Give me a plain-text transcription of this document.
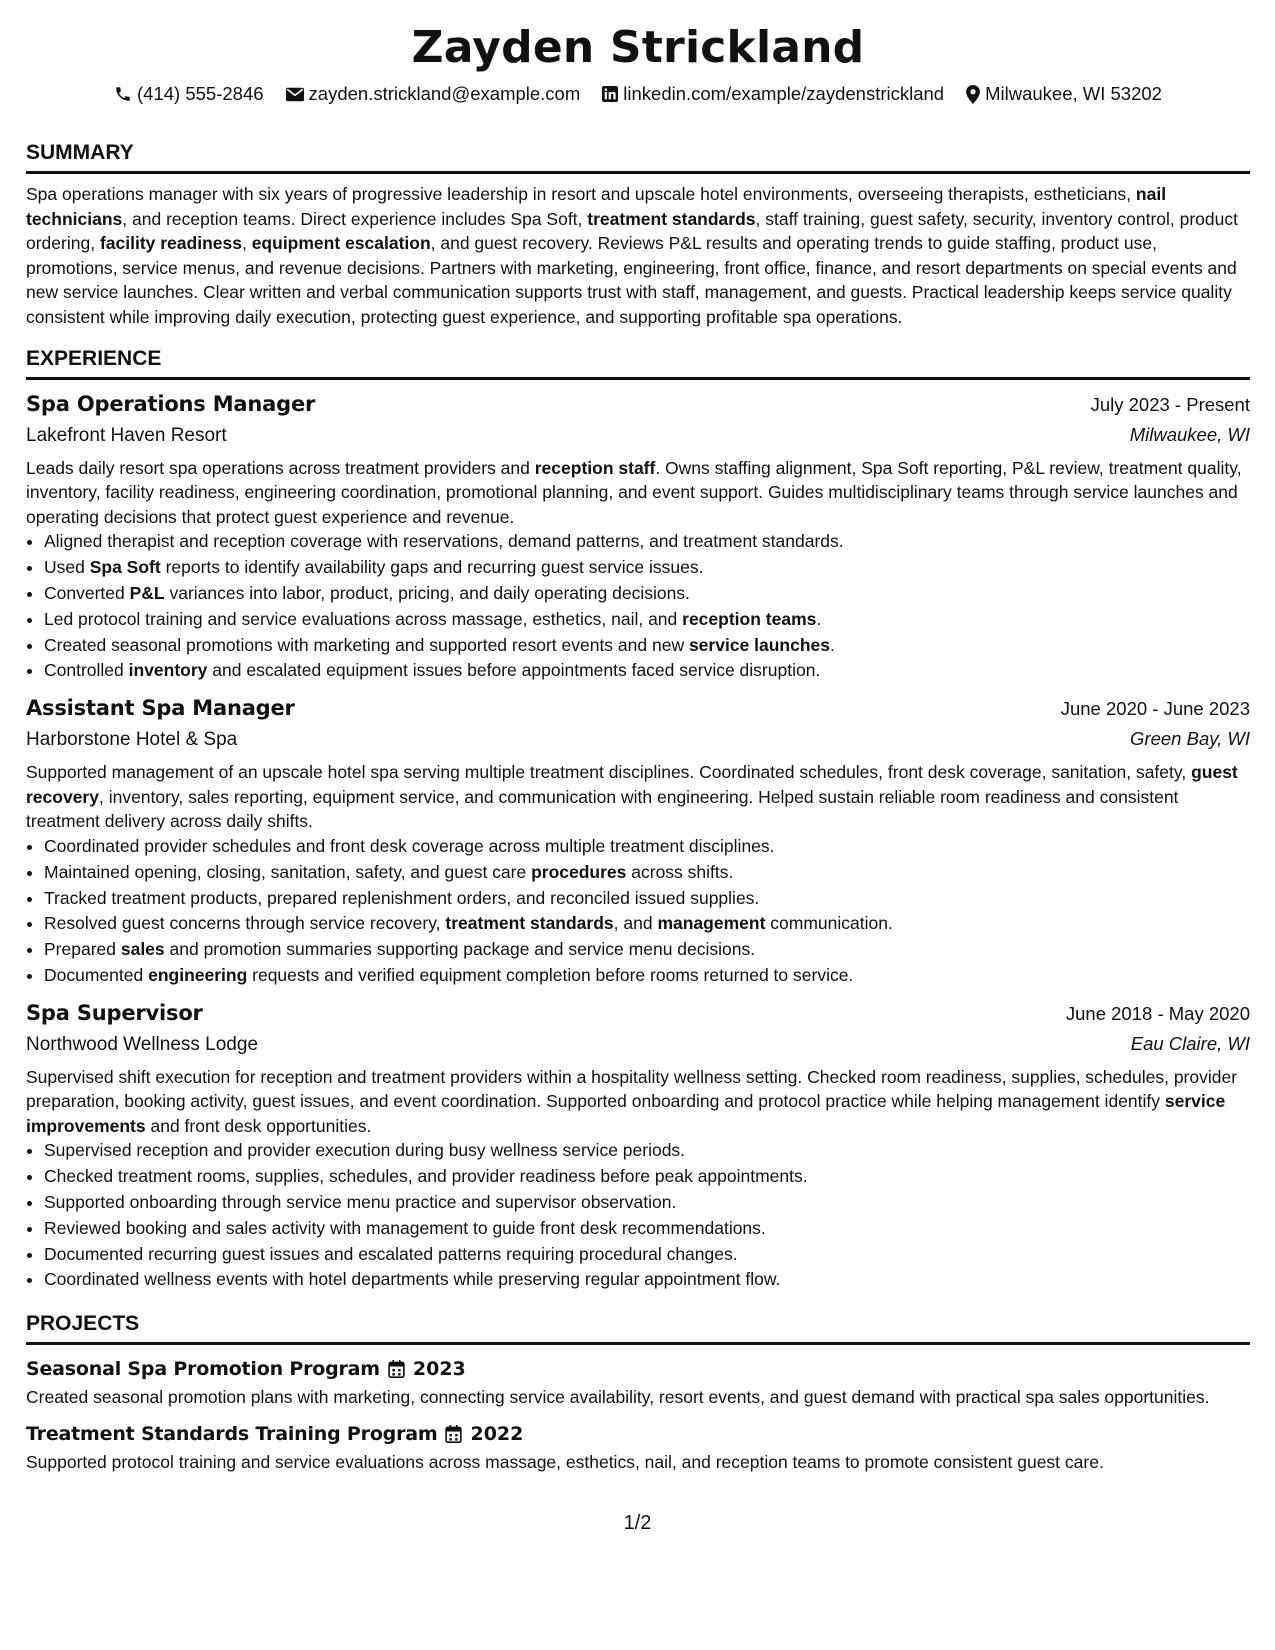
Zayden Strickland
(414) 555-2846 zayden.strickland@example.com linkedin.com/example/zaydenstrickland Milwaukee, WI 53202
SUMMARY

Spa operations manager with six years of progressive leadership in resort and upscale hotel environments, overseeing therapists, estheticians, nail technicians, and reception teams. Direct experience includes Spa Soft, treatment standards, staff training, guest safety, security, inventory control, product ordering, facility readiness, equipment escalation, and guest recovery. Reviews P&L results and operating trends to guide staffing, product use, promotions, service menus, and revenue decisions. Partners with marketing, engineering, front office, finance, and resort departments on special events and new service launches. Clear written and verbal communication supports trust with staff, management, and guests. Practical leadership keeps service quality consistent while improving daily execution, protecting guest experience, and supporting profitable spa operations.

EXPERIENCE
Spa Operations Manager	July 2023 - Present
Lakefront Haven Resort	Milwaukee, WI

Leads daily resort spa operations across treatment providers and reception staff. Owns staffing alignment, Spa Soft reporting, P&L review, treatment quality, inventory, facility readiness, engineering coordination, promotional planning, and event support. Guides multidisciplinary teams through service launches and operating decisions that protect guest experience and revenue.

• Aligned therapist and reception coverage with reservations, demand patterns, and treatment standards.
• Used Spa Soft reports to identify availability gaps and recurring guest service issues.
• Converted P&L variances into labor, product, pricing, and daily operating decisions.
• Led protocol training and service evaluations across massage, esthetics, nail, and reception teams.
• Created seasonal promotions with marketing and supported resort events and new service launches.
• Controlled inventory and escalated equipment issues before appointments faced service disruption.
Assistant Spa Manager	June 2020 - June 2023
Harborstone Hotel & Spa	Green Bay, WI

Supported management of an upscale hotel spa serving multiple treatment disciplines. Coordinated schedules, front desk coverage, sanitation, safety, guest recovery, inventory, sales reporting, equipment service, and communication with engineering. Helped sustain reliable room readiness and consistent treatment delivery across daily shifts.

• Coordinated provider schedules and front desk coverage across multiple treatment disciplines.
• Maintained opening, closing, sanitation, safety, and guest care procedures across shifts.
• Tracked treatment products, prepared replenishment orders, and reconciled issued supplies.
• Resolved guest concerns through service recovery, treatment standards, and management communication.
• Prepared sales and promotion summaries supporting package and service menu decisions.
• Documented engineering requests and verified equipment completion before rooms returned to service.
Spa Supervisor	June 2018 - May 2020
Northwood Wellness Lodge	Eau Claire, WI

Supervised shift execution for reception and treatment providers within a hospitality wellness setting. Checked room readiness, supplies, schedules, provider preparation, booking activity, guest issues, and event coordination. Supported onboarding and protocol practice while helping management identify service improvements and front desk opportunities.

• Supervised reception and provider execution during busy wellness service periods.
• Checked treatment rooms, supplies, schedules, and provider readiness before peak appointments.
• Supported onboarding through service menu practice and supervisor observation.
• Reviewed booking and sales activity with management to guide front desk recommendations.
• Documented recurring guest issues and escalated patterns requiring procedural changes.
• Coordinated wellness events with hotel departments while preserving regular appointment flow.
PROJECTS
Seasonal Spa Promotion Program 2023

Created seasonal promotion plans with marketing, connecting service availability, resort events, and guest demand with practical spa sales opportunities.

Treatment Standards Training Program 2022

Supported protocol training and service evaluations across massage, esthetics, nail, and reception teams to promote consistent guest care.

1/2
